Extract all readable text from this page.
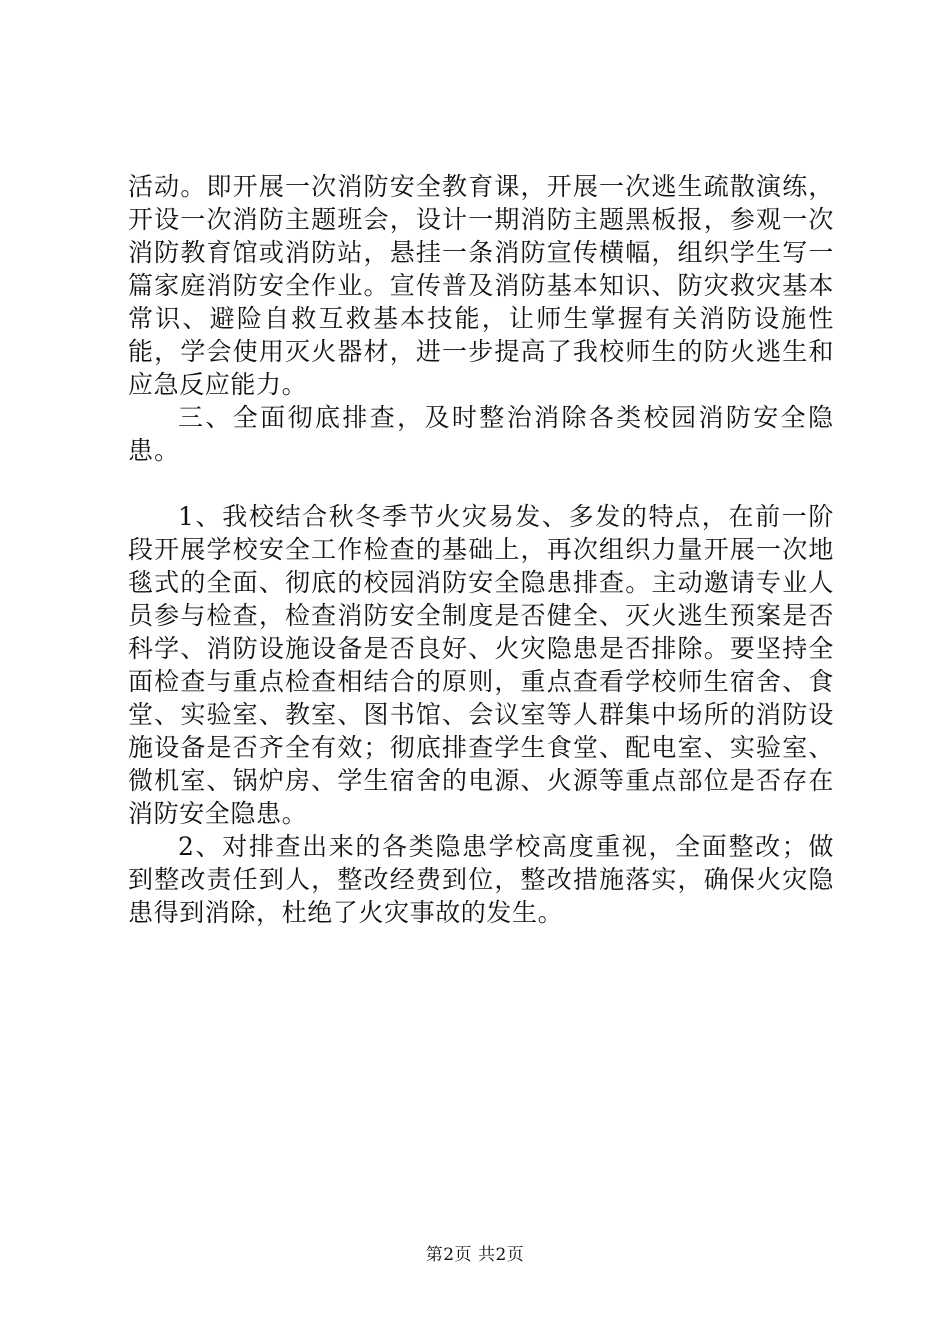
活动。即开展一次消防安全教育课，开展一次逃生疏散演练，开设一次消防主题班会，设计一期消防主题黑板报，参观一次消防教育馆或消防站，悬挂一条消防宣传横幅，组织学生写一篇家庭消防安全作业。宣传普及消防基本知识、防灾救灾基本常识、避险自救互救基本技能，让师生掌握有关消防设施性能，学会使用灭火器材，进一步提高了我校师生的防火逃生和应急反应能力。

三、全面彻底排查，及时整治消除各类校园消防安全隐患。

1、我校结合秋冬季节火灾易发、多发的特点，在前一阶段开展学校安全工作检查的基础上，再次组织力量开展一次地毯式的全面、彻底的校园消防安全隐患排查。主动邀请专业人员参与检查，检查消防安全制度是否健全、灭火逃生预案是否科学、消防设施设备是否良好、火灾隐患是否排除。要坚持全面检查与重点检查相结合的原则，重点查看学校师生宿舍、食堂、实验室、教室、图书馆、会议室等人群集中场所的消防设施设备是否齐全有效；彻底排查学生食堂、配电室、实验室、微机室、锅炉房、学生宿舍的电源、火源等重点部位是否存在消防安全隐患。

2、对排查出来的各类隐患学校高度重视，全面整改；做到整改责任到人，整改经费到位，整改措施落实，确保火灾隐患得到消除，杜绝了火灾事故的发生。

第2页 共2页
